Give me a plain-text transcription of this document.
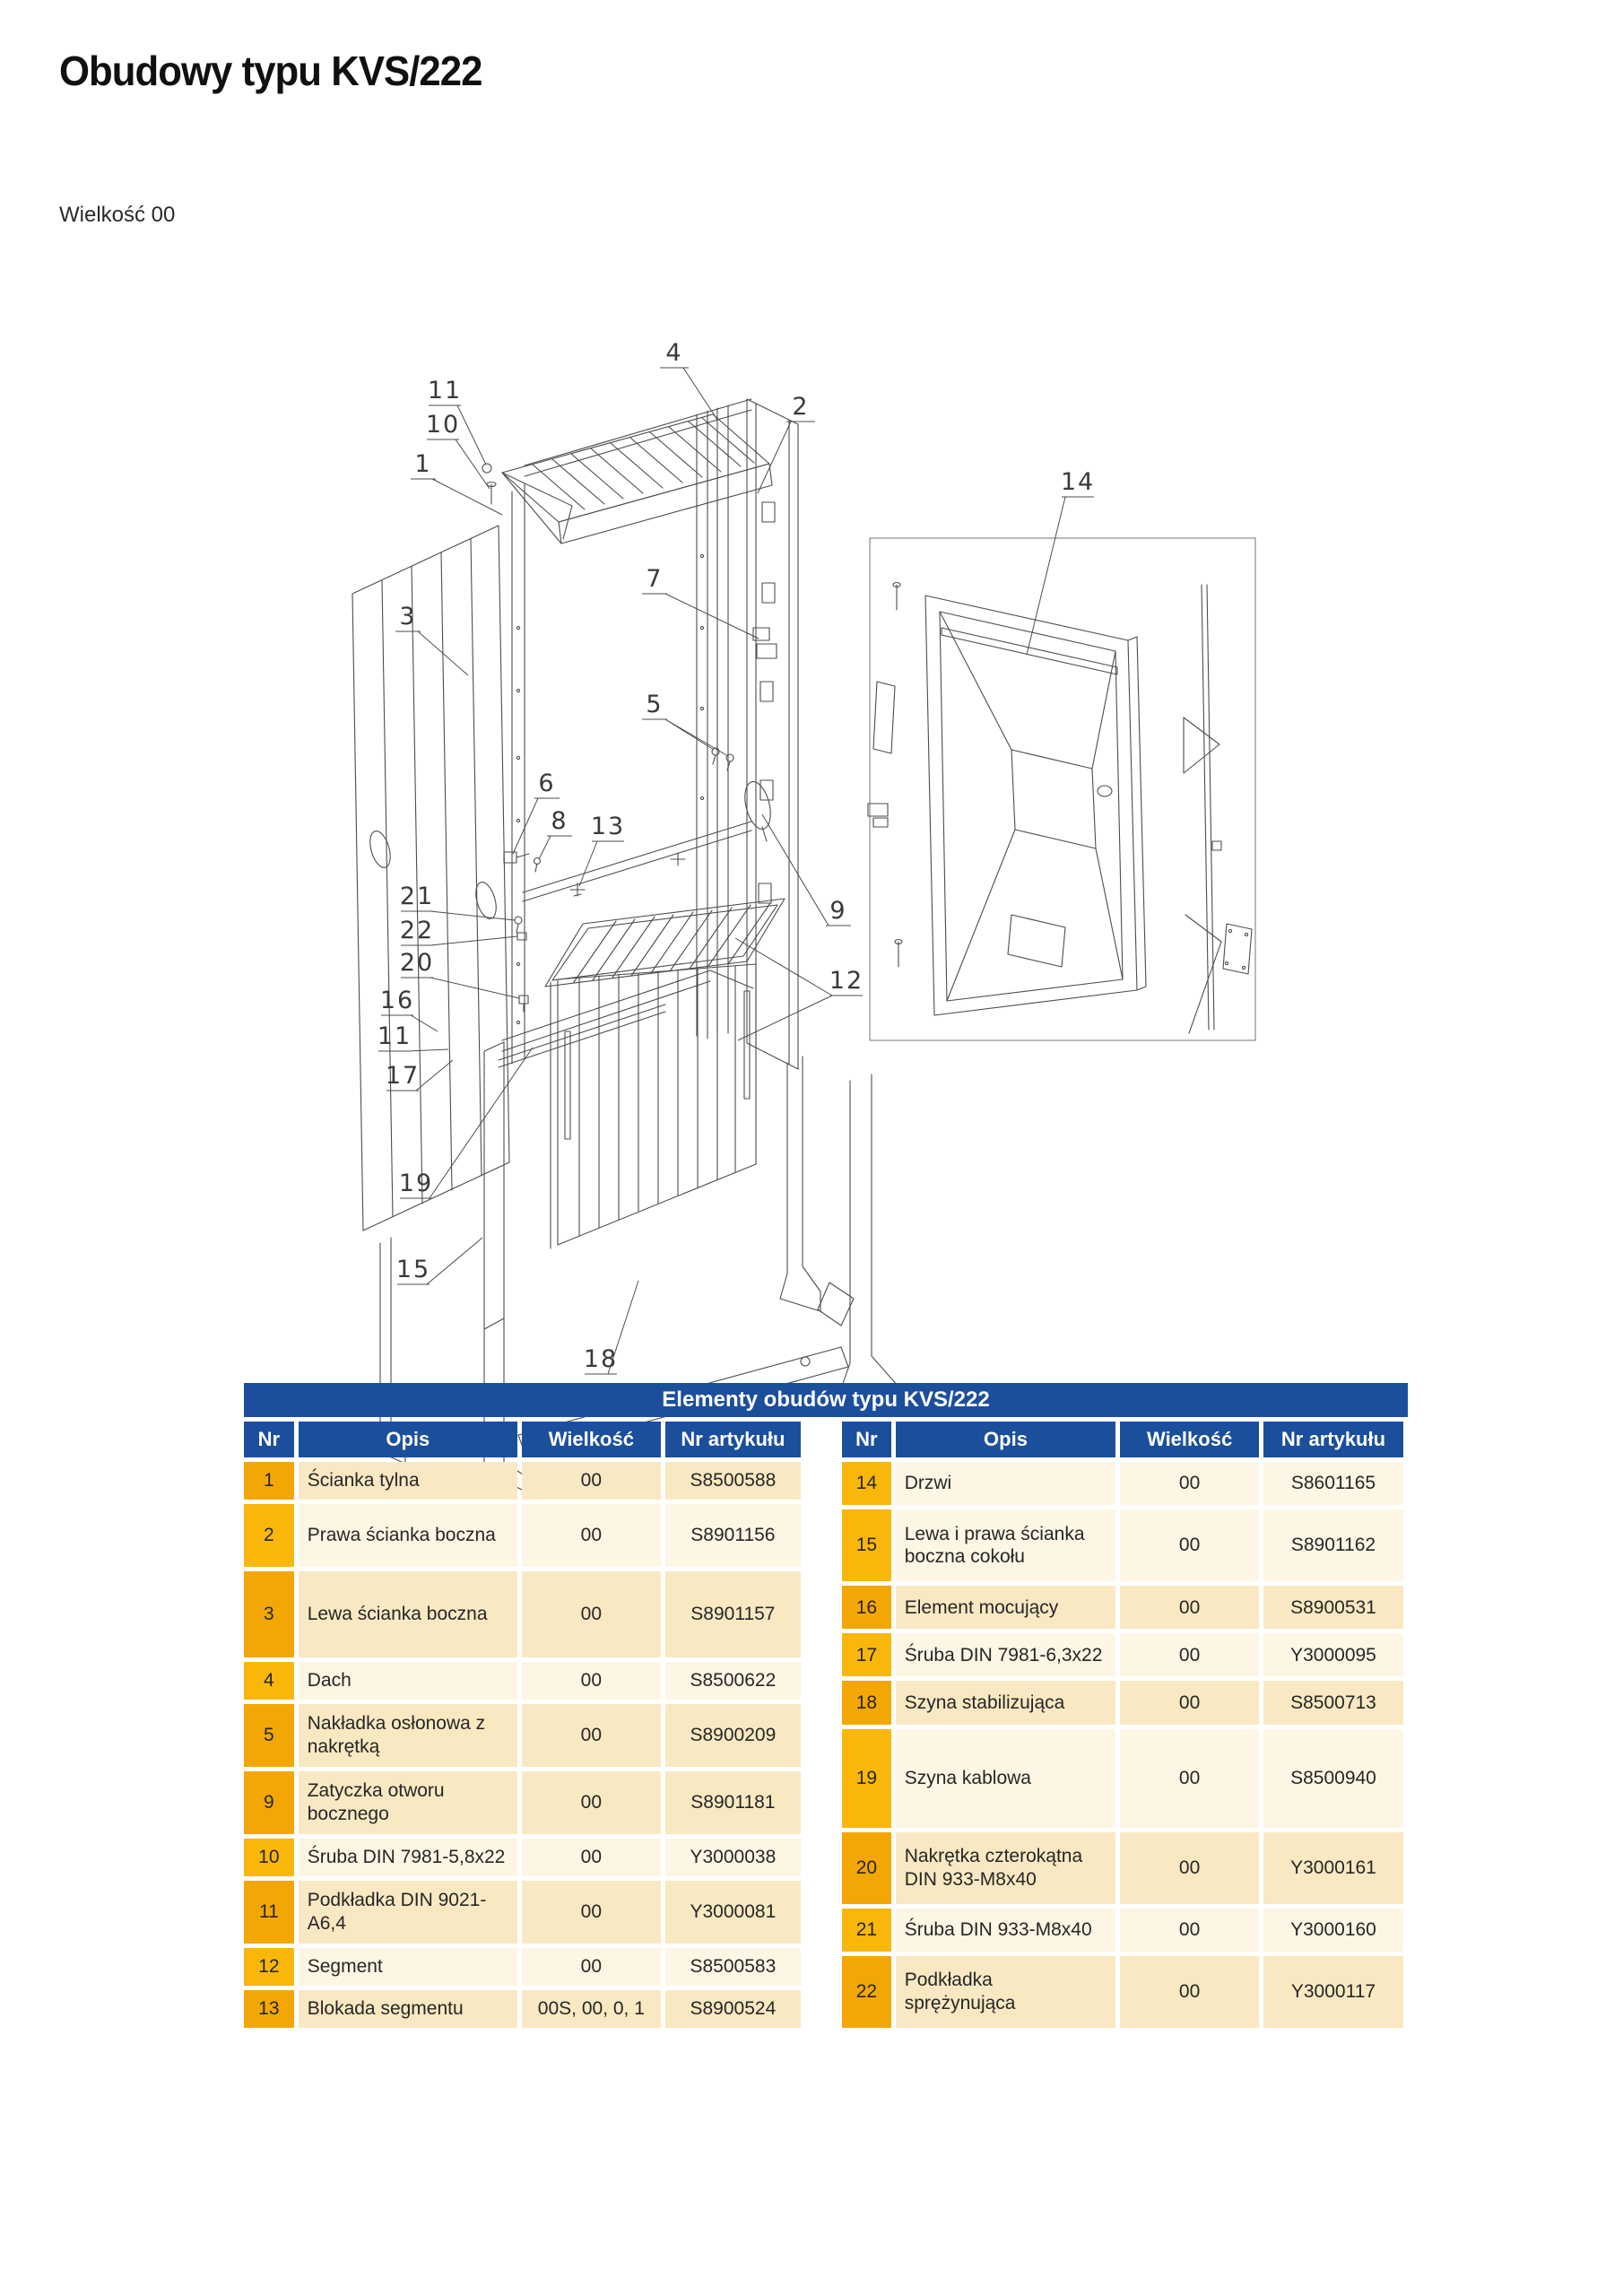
Obudowy typu KVS/222
Wielkość 00
4
2
11
10
1
3
7
5
6
8 13
21
22
20
16
11
17
19
15
18
9
12
14
Elementy obudów typu KVS/222
Nr	Opis	Wielkość	Nr artykułu
1	Ścianka tylna	00	S8500588
2	Prawa ścianka boczna	00	S8901156
3	Lewa ścianka boczna	00	S8901157
4	Dach	00	S8500622
5	Nakładka osłonowa z nakrętką	00	S8900209
9	Zatyczka otworu bocznego	00	S8901181
10	Śruba DIN 7981-5,8x22	00	Y3000038
11	Podkładka DIN 9021-A6,4	00	Y3000081
12	Segment	00	S8500583
13	Blokada segmentu	00S, 00, 0, 1	S8900524
Nr	Opis	Wielkość	Nr artykułu
14	Drzwi	00	S8601165
15	Lewa i prawa ścianka boczna cokołu	00	S8901162
16	Element mocujący	00	S8900531
17	Śruba DIN 7981-6,3x22	00	Y3000095
18	Szyna stabilizująca	00	S8500713
19	Szyna kablowa	00	S8500940
20	Nakrętka czterokątna DIN 933-M8x40	00	Y3000161
21	Śruba DIN 933-M8x40	00	Y3000160
22	Podkładka sprężynująca	00	Y3000117
